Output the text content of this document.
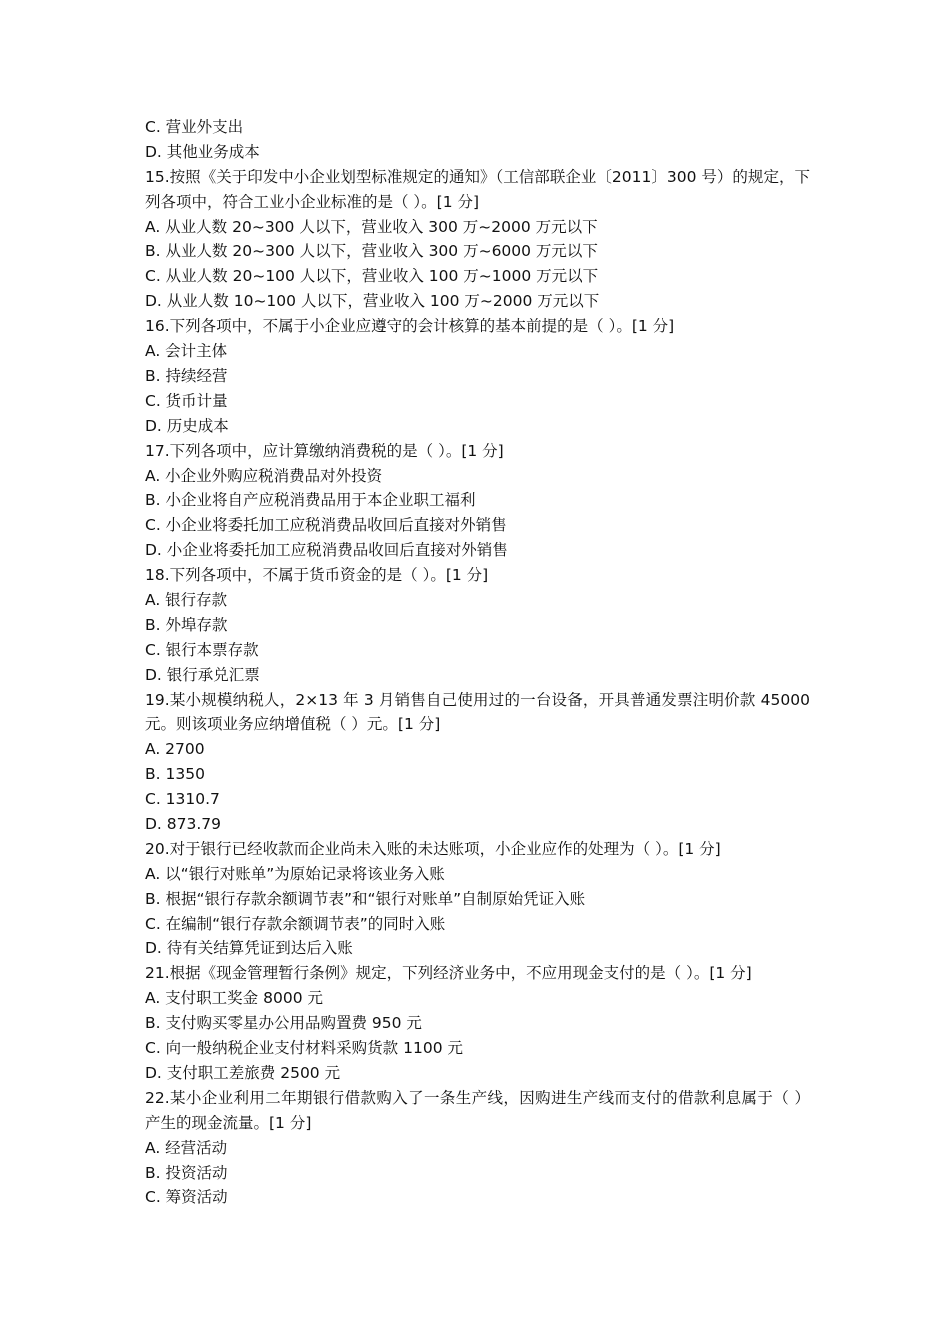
C. 营业外支出
D. 其他业务成本
15.按照《关于印发中小企业划型标准规定的通知》（工信部联企业〔2011〕300 号）的规定，下列各项中，符合工业小企业标准的是（ ）。[1 分]
A. 从业人数 20~300 人以下，营业收入 300 万~2000 万元以下
B. 从业人数 20~300 人以下，营业收入 300 万~6000 万元以下
C. 从业人数 20~100 人以下，营业收入 100 万~1000 万元以下
D. 从业人数 10~100 人以下，营业收入 100 万~2000 万元以下
16.下列各项中，不属于小企业应遵守的会计核算的基本前提的是（ ）。[1 分]
A. 会计主体
B. 持续经营
C. 货币计量
D. 历史成本
17.下列各项中，应计算缴纳消费税的是（ ）。[1 分]
A. 小企业外购应税消费品对外投资
B. 小企业将自产应税消费品用于本企业职工福利
C. 小企业将委托加工应税消费品收回后直接对外销售
D. 小企业将委托加工应税消费品收回后直接对外销售
18.下列各项中，不属于货币资金的是（ ）。[1 分]
A. 银行存款
B. 外埠存款
C. 银行本票存款
D. 银行承兑汇票
19.某小规模纳税人，2×13 年 3 月销售自己使用过的一台设备，开具普通发票注明价款 45000 元。则该项业务应纳增值税（ ）元。[1 分]
A. 2700
B. 1350
C. 1310.7
D. 873.79
20.对于银行已经收款而企业尚未入账的未达账项，小企业应作的处理为（ ）。[1 分]
A. 以“银行对账单”为原始记录将该业务入账
B. 根据“银行存款余额调节表”和“银行对账单”自制原始凭证入账
C. 在编制“银行存款余额调节表”的同时入账
D. 待有关结算凭证到达后入账
21.根据《现金管理暂行条例》规定，下列经济业务中，不应用现金支付的是（ ）。[1 分]
A. 支付职工奖金 8000 元
B. 支付购买零星办公用品购置费 950 元
C. 向一般纳税企业支付材料采购货款 1100 元
D. 支付职工差旅费 2500 元
22.某小企业利用二年期银行借款购入了一条生产线，因购进生产线而支付的借款利息属于（ ）产生的现金流量。[1 分]
A. 经营活动
B. 投资活动
C. 筹资活动
